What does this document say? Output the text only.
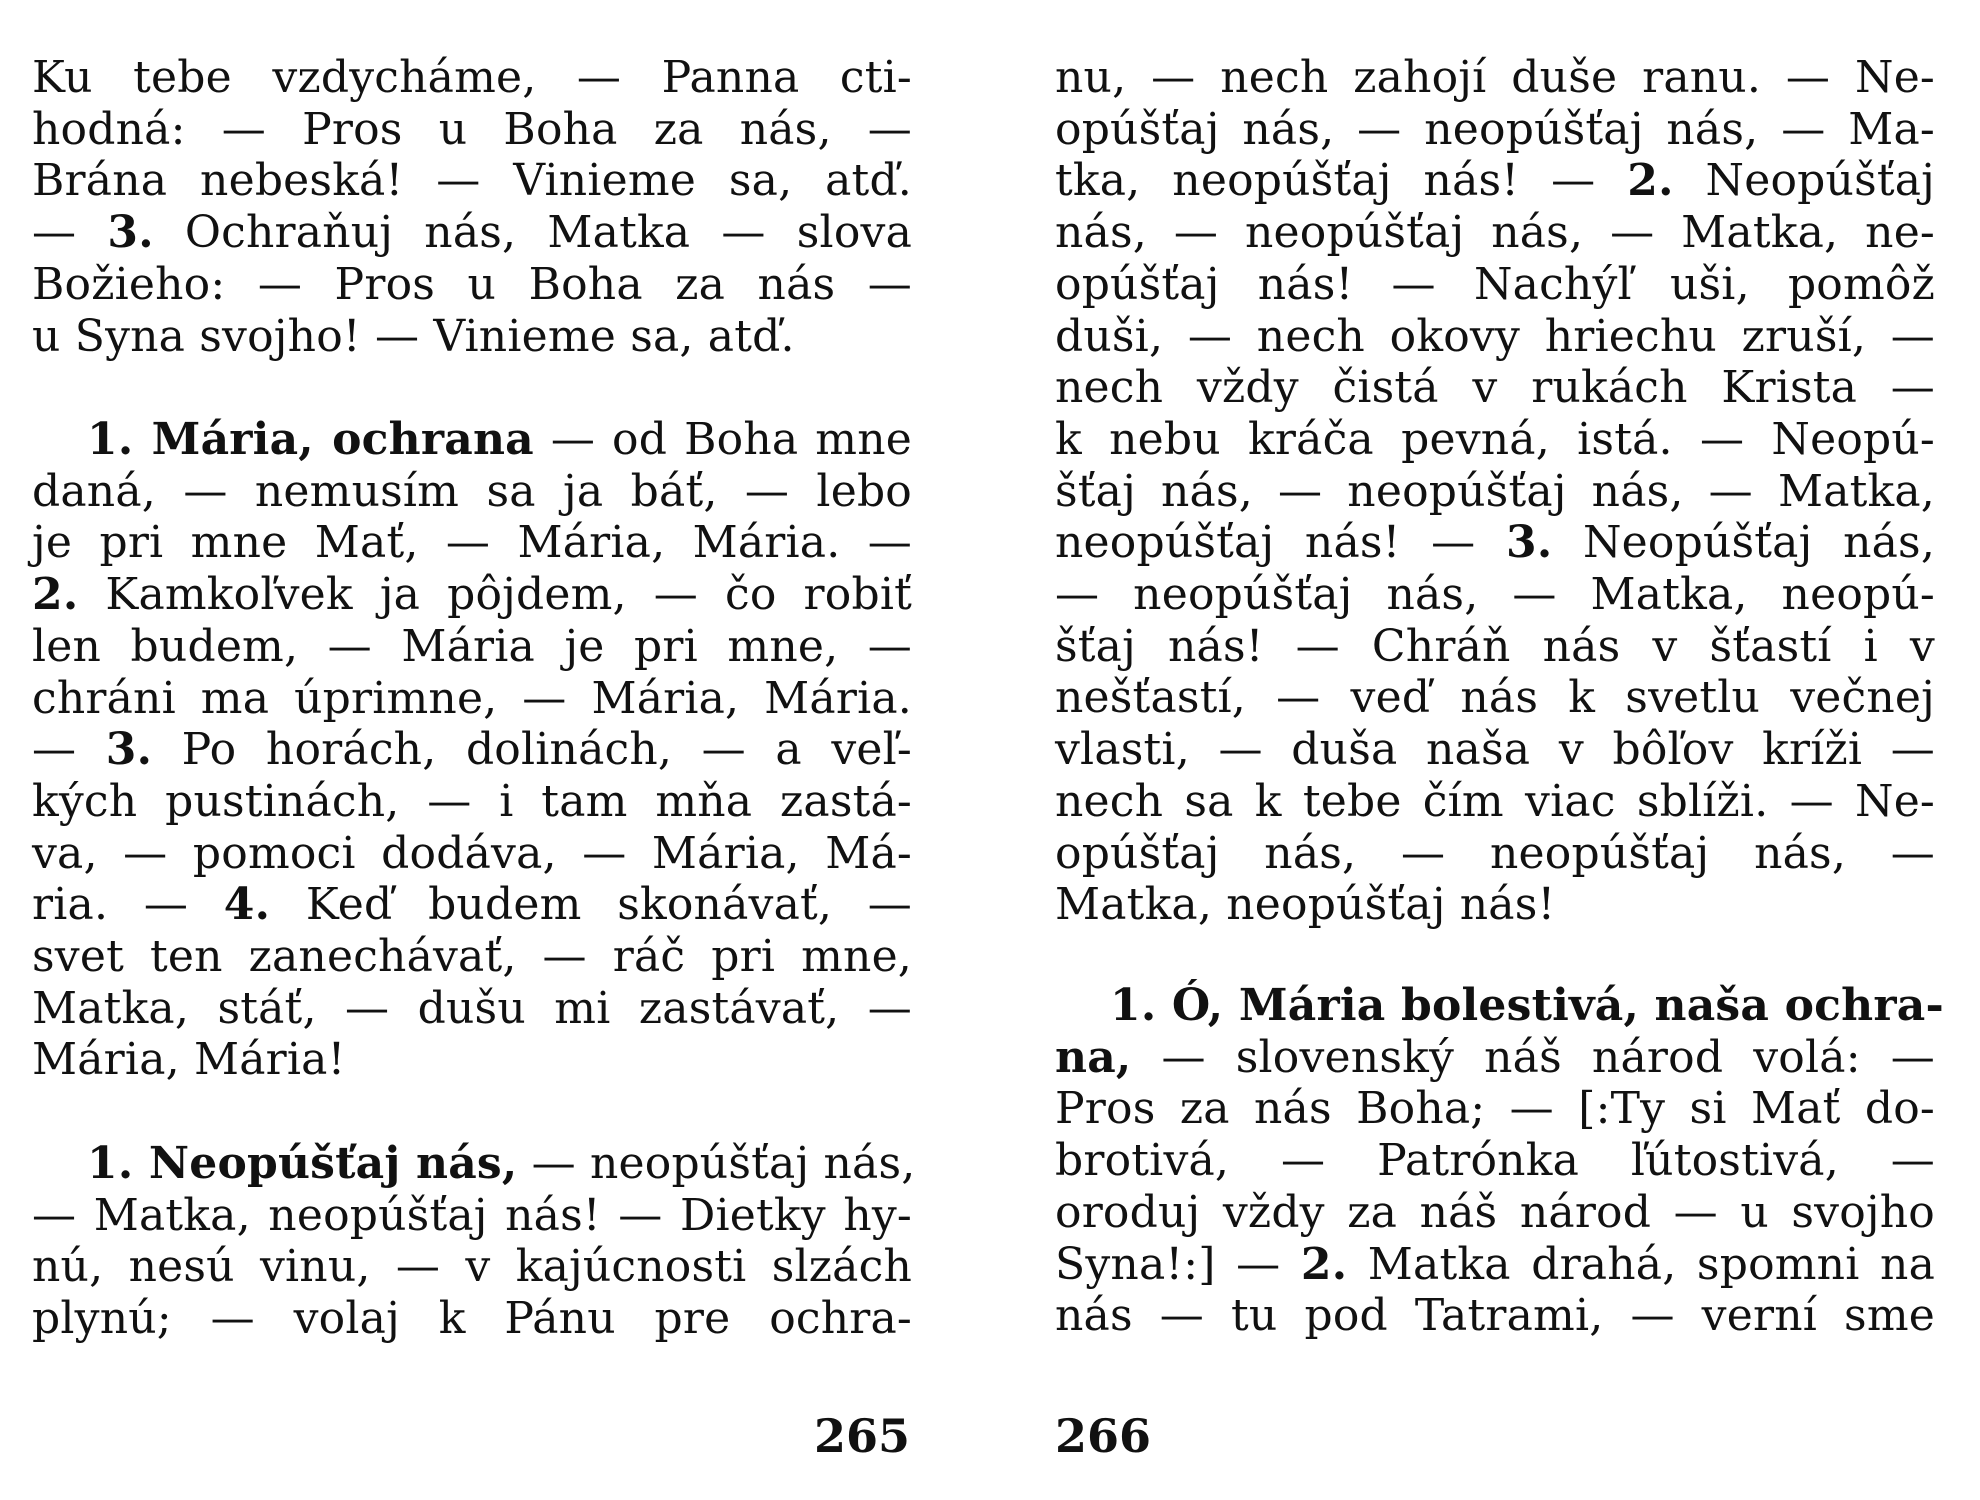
Ku tebe vzdycháme, — Panna cti-
hodná: — Pros u Boha za nás, —
Brána nebeská! — Vinieme sa, atď.
— 3. Ochraňuj nás, Matka — slova
Božieho: — Pros u Boha za nás —
u Syna svojho! — Vinieme sa, atď.
1. Mária, ochrana — od Boha mne
daná, — nemusím sa ja báť, — lebo
je pri mne Mať, — Mária, Mária. —
2. Kamkoľvek ja pôjdem, — čo robiť
len budem, — Mária je pri mne, —
chráni ma úprimne, — Mária, Mária.
— 3. Po horách, dolinách, — a veľ-
kých pustinách, — i tam mňa zastá-
va, — pomoci dodáva, — Mária, Má-
ria. — 4. Keď budem skonávať, —
svet ten zanechávať, — ráč pri mne,
Matka, stáť, — dušu mi zastávať, —
Mária, Mária!
1. Neopúšťaj nás, — neopúšťaj nás,
— Matka, neopúšťaj nás! — Dietky hy-
nú, nesú vinu, — v kajúcnosti slzách
plynú; — volaj k Pánu pre ochra-
265
nu, — nech zahojí duše ranu. — Ne-
opúšťaj nás, — neopúšťaj nás, — Ma-
tka, neopúšťaj nás! — 2. Neopúšťaj
nás, — neopúšťaj nás, — Matka, ne-
opúšťaj nás! — Nachýľ uši, pomôž
duši, — nech okovy hriechu zruší, —
nech vždy čistá v rukách Krista —
k nebu kráča pevná, istá. — Neopú-
šťaj nás, — neopúšťaj nás, — Matka,
neopúšťaj nás! — 3. Neopúšťaj nás,
— neopúšťaj nás, — Matka, neopú-
šťaj nás! — Chráň nás v šťastí i v
nešťastí, — veď nás k svetlu večnej
vlasti, — duša naša v bôľov kríži —
nech sa k tebe čím viac sblíži. — Ne-
opúšťaj nás, — neopúšťaj nás, —
Matka, neopúšťaj nás!
1. Ó, Mária bolestivá, naša ochra-
na, — slovenský náš národ volá: —
Pros za nás Boha; — [:Ty si Mať do-
brotivá, — Patrónka ľútostivá, —
oroduj vždy za náš národ — u svojho
Syna!:] — 2. Matka drahá, spomni na
nás — tu pod Tatrami, — verní sme
266
